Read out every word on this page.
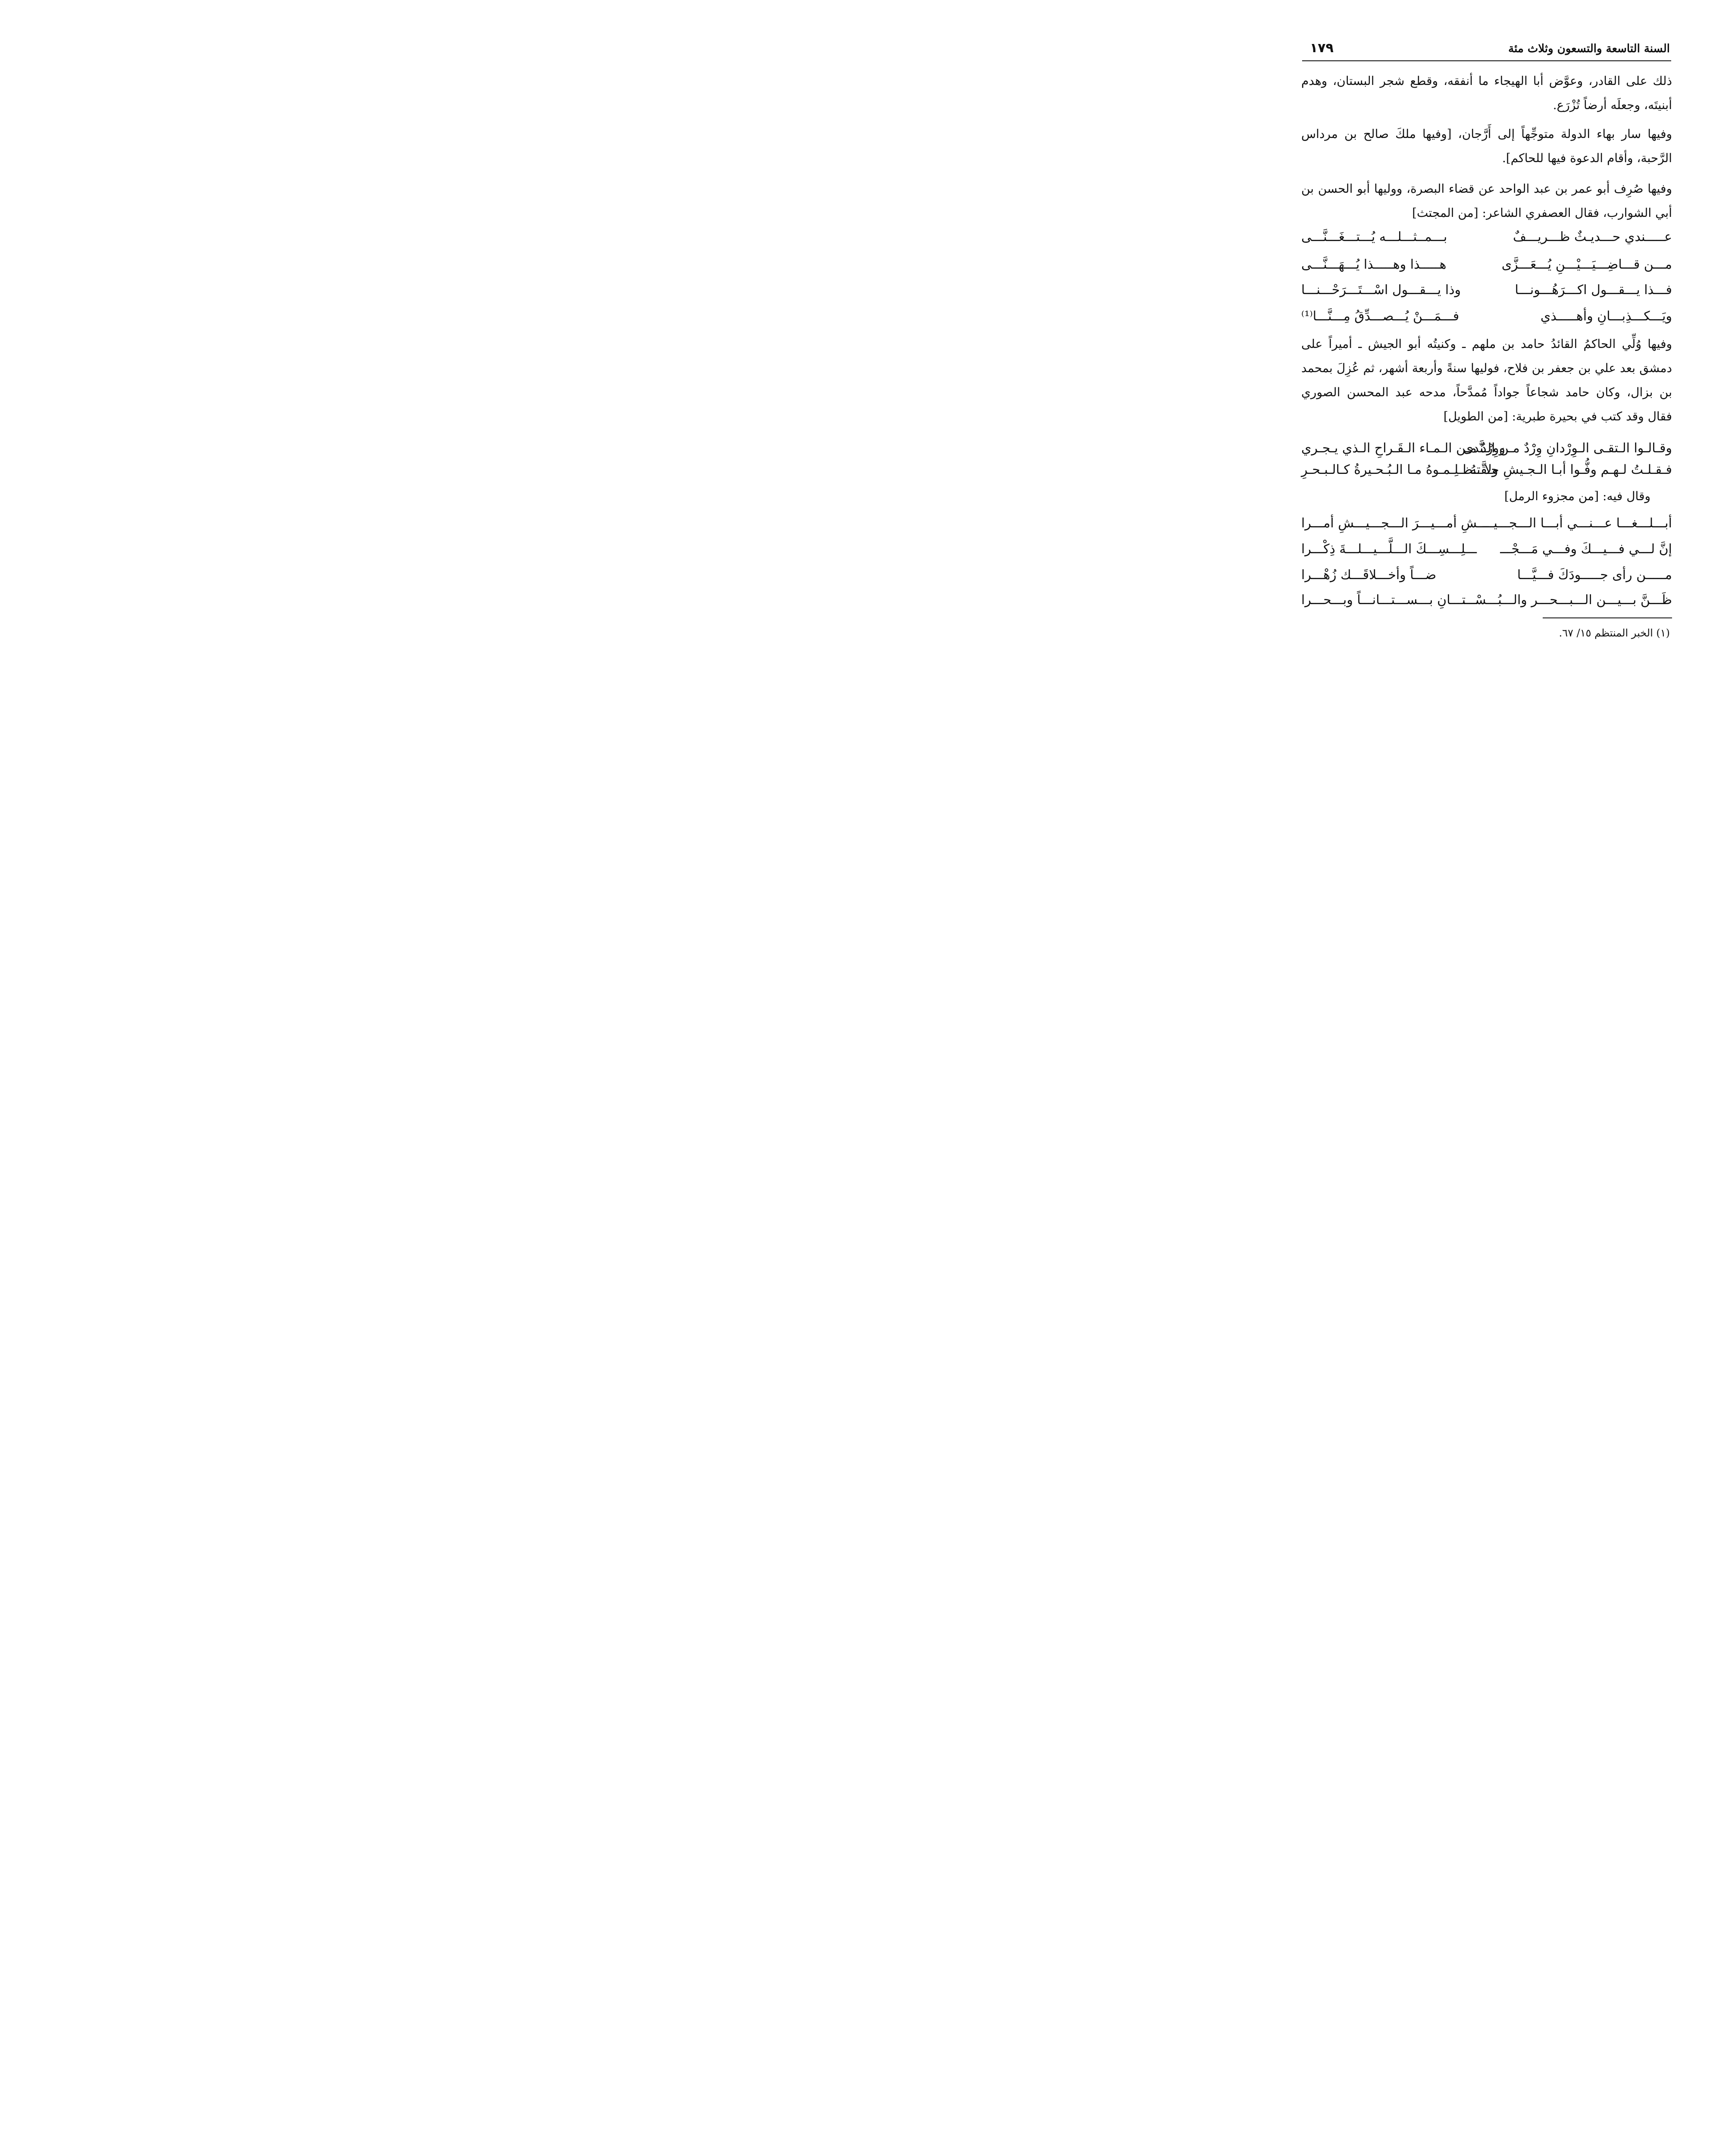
السنة التاسعة والتسعون وثلاث مئة
١٧٩
ذلك على القادر، وعوَّض أبا الهيجاء ما أنفقه، وقطع شجر البستان، وهدم أبنيتَه، وجعلَه أرضاً تُزْرَع.
وفيها سار بهاء الدولة متوجِّهاً إلى أَرَّجان، [وفيها ملكَ صالح بن مرداس الرَّحبة، وأقام الدعوة فيها للحاكم].
وفيها صُرِف أبو عمر بن عبد الواحد عن قضاء البصرة، ووليها أبو الحسن بن أبي الشوارب، فقال العصفري الشاعر: [من المجتث]
عـــــندي حـــديـثٌ ظـــريـــفٌ
بـــمــثـــلـــه يُـــتـــغَـــنَّـــى
مـــن قـــاضِـــيَـــيْـــنِ يُـــعَـــزَّى
هـــــذا وهـــــذا يُـــهَـــنَّـــى
فـــذا يـــقـــول اكـــرَهُـــونـــا
وذا يـــقـــول اسْـــتَـــرَحْـــنـــا
ويَـــكـــذِبـــانِ وأهـــــذي
فـــمَـــنْ يُـــصـــدِّقُ مِـــنَّـــا⁽¹⁾
وفيها وُلِّي الحاكمُ القائدُ حامد بن ملهم ـ وكنيتُه أبو الجيش ـ أميراً على دمشق بعد علي بن جعفر بن فلاح، فوليها سنةً وأربعة أشهر، ثم عُزِلَ بمحمد بن بزال، وكان حامد شجاعاً جواداً مُمدَّحاً، مدحه عبد المحسن الصوري فقال وقد كتب في بحيرة طبرية: [من الطويل]
وقـالـوا الـتقـى الـوِرْدانِ وِرْدٌ مـن الـنَّدى
ووِرْدٌ مـن الـمـاء الـقَـراحِ الـذي يـجـري
فـقـلـتُ لـهـم وفُّـوا أبـا الـجـيشِ حـقَّـهُ
ولا تـظـلِـمـوهُ مـا الـبُـحـيرةُ كـالـبـحـرِ
وقال فيه: [من مجزوء الرمل]
أبـــلـــغـــا عـــنـــي أبـــا الـــجـــيـــ
ـــشِ أمـــيـــرَ الـــجـــيـــشِ أمـــرا
إنَّ لـــي فـــيـــكَ وفـــي مَـــجْـــ
ـــلِـــسِـــكَ الـــلَّـــيـــلـــةَ ذِكْـــرا
مـــــن رأى جـــــودَكَ فـــيَّـــا
ضـــاً وأخـــلاقَـــك زُهْـــرا
ظَـــنَّ بـــيـــن الـــبـــحـــر والـــبُـــسْـــ
ـــتـــانِ بـــســـتـــانـــاً وبـــحـــرا
(١) الخبر المنتظم ١٥/ ٦٧.
